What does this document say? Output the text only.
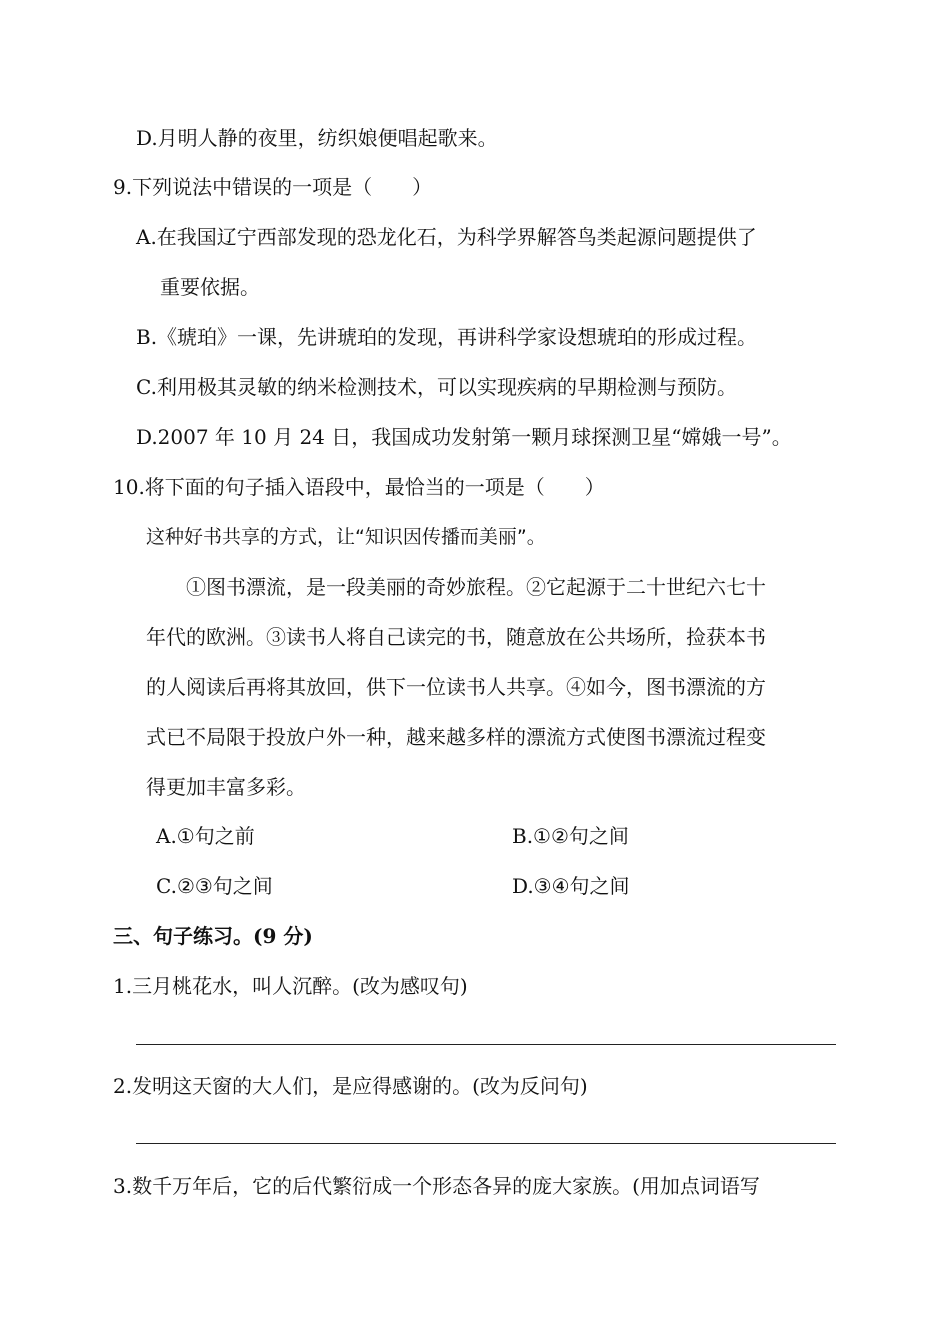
D.月明人静的夜里，纺织娘便唱起歌来。
9.下列说法中错误的一项是（　　）
A.在我国辽宁西部发现的恐龙化石，为科学界解答鸟类起源问题提供了
重要依据。
B.《琥珀》一课，先讲琥珀的发现，再讲科学家设想琥珀的形成过程。
C.利用极其灵敏的纳米检测技术，可以实现疾病的早期检测与预防。
D.2007 年 10 月 24 日，我国成功发射第一颗月球探测卫星“嫦娥一号”。
10.将下面的句子插入语段中，最恰当的一项是（　　）
这种好书共享的方式，让“知识因传播而美丽”。
①图书漂流，是一段美丽的奇妙旅程。②它起源于二十世纪六七十
年代的欧洲。③读书人将自己读完的书，随意放在公共场所，捡获本书
的人阅读后再将其放回，供下一位读书人共享。④如今，图书漂流的方
式已不局限于投放户外一种，越来越多样的漂流方式使图书漂流过程变
得更加丰富多彩。
A.①句之前	B.①②句之间
C.②③句之间	D.③④句之间
三、句子练习。(9 分)
1.三月桃花水，叫人沉醉。(改为感叹句)
2.发明这天窗的大人们，是应得感谢的。(改为反问句)
3.数千万年后，它的后代繁衍成一个形态各异的庞大家族。(用加点词语写
